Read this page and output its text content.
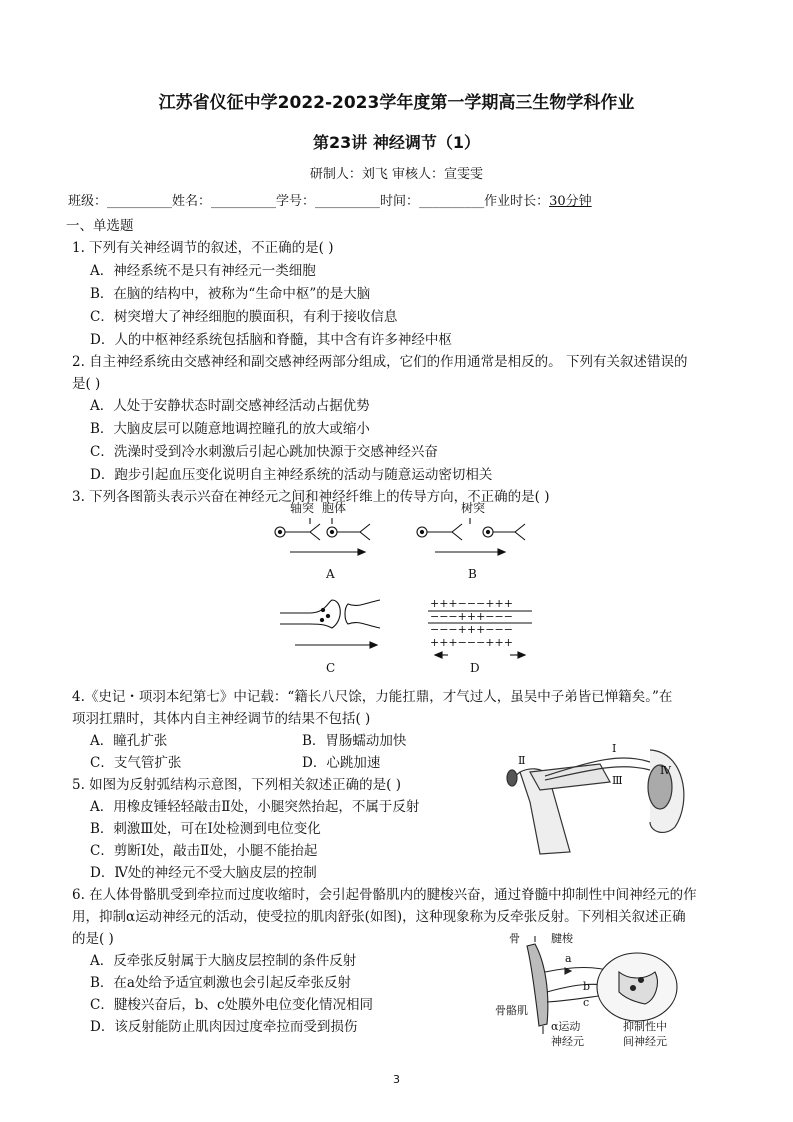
江苏省仪征中学2022-2023学年度第一学期高三生物学科作业
第23讲 神经调节（1）
研制人：刘飞 审核人：宣雯雯
班级：__________姓名：__________学号：__________时间：__________作业时长：30分钟
一、单选题
1. 下列有关神经调节的叙述，不正确的是( )
A．神经系统不是只有神经元一类细胞
B．在脑的结构中，被称为“生命中枢”的是大脑
C．树突增大了神经细胞的膜面积，有利于接收信息
D．人的中枢神经系统包括脑和脊髓，其中含有许多神经中枢
2. 自主神经系统由交感神经和副交感神经两部分组成，它们的作用通常是相反的。 下列有关叙述错误的
是( )
A．人处于安静状态时副交感神经活动占据优势
B．大脑皮层可以随意地调控瞳孔的放大或缩小
C．洗澡时受到冷水刺激后引起心跳加快源于交感神经兴奋
D．跑步引起血压变化说明自主神经系统的活动与随意运动密切相关
3. 下列各图箭头表示兴奋在神经元之间和神经纤维上的传导方向，不正确的是( )
轴突 胞体	树突
A	B
C	D
+++−−−+++
−−−+++−−−
−−−+++−−−
+++−−−+++
4.《史记・项羽本纪第七》中记载：“籍长八尺馀，力能扛鼎，才气过人，虽吴中子弟皆已惮籍矣。”在
项羽扛鼎时，其体内自主神经调节的结果不包括( )
A．瞳孔扩张	B．胃肠蠕动加快
C．支气管扩张	D．心跳加速
5. 如图为反射弧结构示意图，下列相关叙述正确的是( )
A．用橡皮锤轻轻敲击Ⅱ处，小腿突然抬起，不属于反射
B．刺激Ⅲ处，可在Ⅰ处检测到电位变化
C．剪断Ⅰ处，敲击Ⅱ处，小腿不能抬起
D．Ⅳ处的神经元不受大脑皮层的控制
Ⅰ
Ⅱ
Ⅲ
Ⅳ
6. 在人体骨骼肌受到牵拉而过度收缩时，会引起骨骼肌内的腱梭兴奋，通过脊髓中抑制性中间神经元的作
用，抑制α运动神经元的活动，使受拉的肌肉舒张(如图)，这种现象称为反牵张反射。下列相关叙述正确
的是( )
A．反牵张反射属于大脑皮层控制的条件反射
B．在a处给予适宜刺激也会引起反牵张反射
C．腱梭兴奋后，b、c处膜外电位变化情况相同
D．该反射能防止肌肉因过度牵拉而受到损伤
骨	腱梭
a
b
c
骨骼肌
α运动
神经元
抑制性中
间神经元
3
